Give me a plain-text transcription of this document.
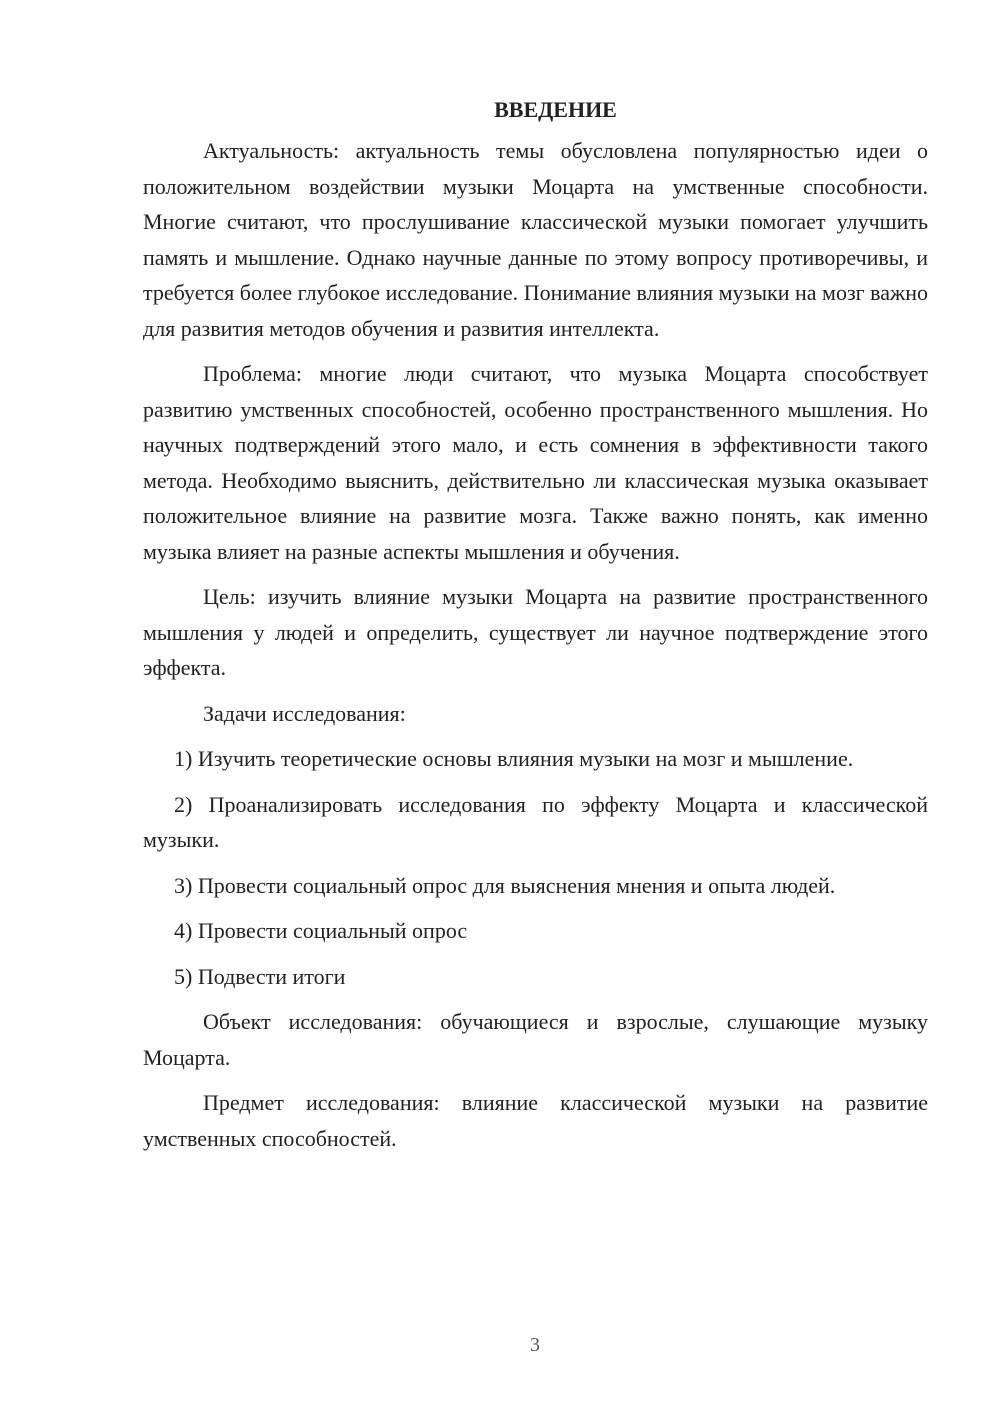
ВВЕДЕНИЕ

Актуальность: актуальность темы обусловлена популярностью идеи о положительном воздействии музыки Моцарта на умственные способности. Многие считают, что прослушивание классической музыки помогает улучшить память и мышление. Однако научные данные по этому вопросу противоречивы, и требуется более глубокое исследование. Понимание влияния музыки на мозг важно для развития методов обучения и развития интеллекта.

Проблема: многие люди считают, что музыка Моцарта способствует развитию умственных способностей, особенно пространственного мышления. Но научных подтверждений этого мало, и есть сомнения в эффективности такого метода. Необходимо выяснить, действительно ли классическая музыка оказывает положительное влияние на развитие мозга. Также важно понять, как именно музыка влияет на разные аспекты мышления и обучения.

Цель: изучить влияние музыки Моцарта на развитие пространственного мышления у людей и определить, существует ли научное подтверждение этого эффекта.

Задачи исследования:

1) Изучить теоретические основы влияния музыки на мозг и мышление.

2) Проанализировать исследования по эффекту Моцарта и классической музыки.

3) Провести социальный опрос для выяснения мнения и опыта людей.

4) Провести социальный опрос

5) Подвести итоги

Объект исследования: обучающиеся и взрослые, слушающие музыку Моцарта.

Предмет исследования: влияние классической музыки на развитие умственных способностей.

3
